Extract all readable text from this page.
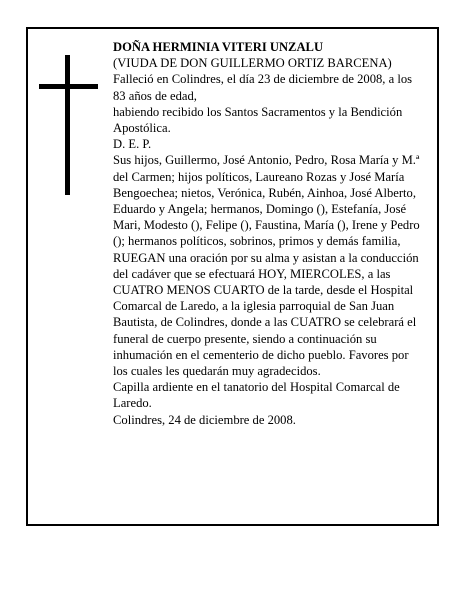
DOÑA HERMINIA VITERI UNZALU

(VIUDA DE DON GUILLERMO ORTIZ BARCENA)

Falleció en Colindres, el día 23 de diciembre de 2008, a los 83 años de edad,

habiendo recibido los Santos Sacramentos y la Bendición Apostólica.

D. E. P.

Sus hijos, Guillermo, José Antonio, Pedro, Rosa María y M.ª del Carmen; hijos políticos, Laureano Rozas y José María Bengoechea; nietos, Verónica, Rubén, Ainhoa, José Alberto, Eduardo y Angela; hermanos, Domingo (), Estefanía, José Mari, Modesto (), Felipe (), Faustina, María (), Irene y Pedro (); hermanos políticos, sobrinos, primos y demás familia,

RUEGAN una oración por su alma y asistan a la conducción del cadáver que se efectuará HOY, MIERCOLES, a las CUATRO MENOS CUARTO de la tarde, desde el Hospital Comarcal de Laredo, a la iglesia parroquial de San Juan Bautista, de Colindres, donde a las CUATRO se celebrará el funeral de cuerpo presente, siendo a continuación su inhumación en el cementerio de dicho pueblo. Favores por los cuales les quedarán muy agradecidos.

Capilla ardiente en el tanatorio del Hospital Comarcal de Laredo.

Colindres, 24 de diciembre de 2008.
